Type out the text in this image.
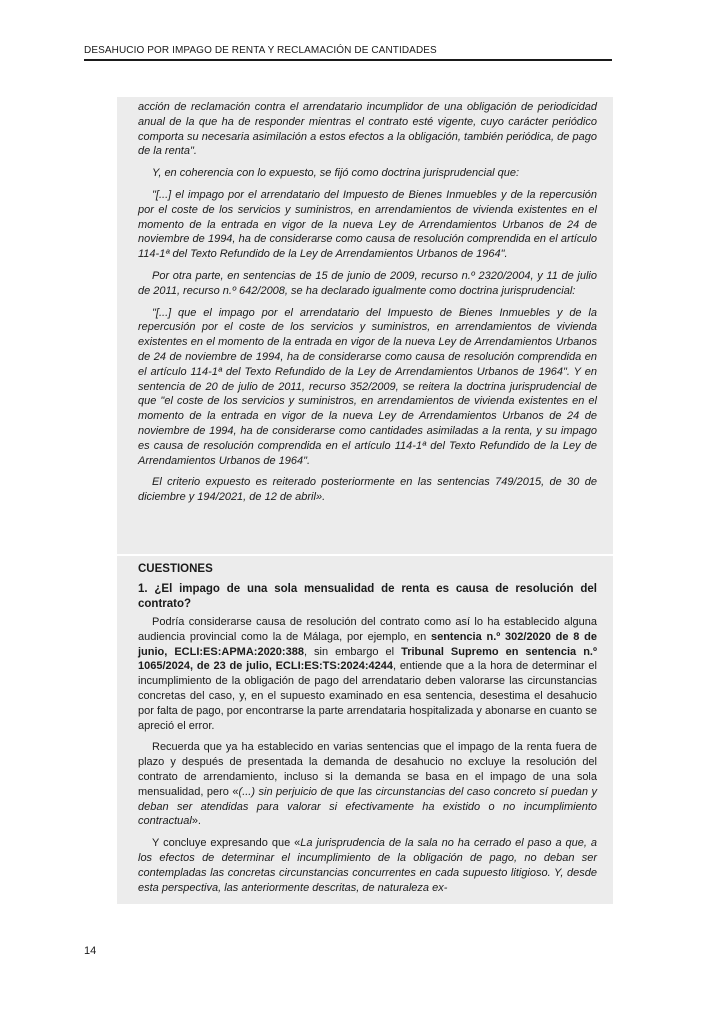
DESAHUCIO POR IMPAGO DE RENTA Y RECLAMACIÓN DE CANTIDADES

acción de reclamación contra el arrendatario incumplidor de una obligación de periodicidad anual de la que ha de responder mientras el contrato esté vigente, cuyo carácter periódico comporta su necesaria asimilación a estos efectos a la obligación, también periódica, de pago de la renta".

Y, en coherencia con lo expuesto, se fijó como doctrina jurisprudencial que:

"[...] el impago por el arrendatario del Impuesto de Bienes Inmuebles y de la repercusión por el coste de los servicios y suministros, en arrendamientos de vivienda existentes en el momento de la entrada en vigor de la nueva Ley de Arrendamientos Urbanos de 24 de noviembre de 1994, ha de considerarse como causa de resolución comprendida en el artículo 114-1ª del Texto Refundido de la Ley de Arrendamientos Urbanos de 1964".

Por otra parte, en sentencias de 15 de junio de 2009, recurso n.º 2320/2004, y 11 de julio de 2011, recurso n.º 642/2008, se ha declarado igualmente como doctrina jurisprudencial:

"[...] que el impago por el arrendatario del Impuesto de Bienes Inmuebles y de la repercusión por el coste de los servicios y suministros, en arrendamientos de vivienda existentes en el momento de la entrada en vigor de la nueva Ley de Arrendamientos Urbanos de 24 de noviembre de 1994, ha de considerarse como causa de resolución comprendida en el artículo 114-1ª del Texto Refundido de la Ley de Arrendamientos Urbanos de 1964". Y en sentencia de 20 de julio de 2011, recurso 352/2009, se reitera la doctrina jurisprudencial de que "el coste de los servicios y suministros, en arrendamientos de vivienda existentes en el momento de la entrada en vigor de la nueva Ley de Arrendamientos Urbanos de 24 de noviembre de 1994, ha de considerarse como cantidades asimiladas a la renta, y su impago es causa de resolución comprendida en el artículo 114-1ª del Texto Refundido de la Ley de Arrendamientos Urbanos de 1964".

El criterio expuesto es reiterado posteriormente en las sentencias 749/2015, de 30 de diciembre y 194/2021, de 12 de abril».

CUESTIONES
1. ¿El impago de una sola mensualidad de renta es causa de resolución del contrato?

Podría considerarse causa de resolución del contrato como así lo ha establecido alguna audiencia provincial como la de Málaga, por ejemplo, en sentencia n.º 302/2020 de 8 de junio, ECLI:ES:APMA:2020:388, sin embargo el Tribunal Supremo en sentencia n.º 1065/2024, de 23 de julio, ECLI:ES:TS:2024:4244, entiende que a la hora de determinar el incumplimiento de la obligación de pago del arrendatario deben valorarse las circunstancias concretas del caso, y, en el supuesto examinado en esa sentencia, desestima el desahucio por falta de pago, por encontrarse la parte arrendataria hospitalizada y abonarse en cuanto se apreció el error.

Recuerda que ya ha establecido en varias sentencias que el impago de la renta fuera de plazo y después de presentada la demanda de desahucio no excluye la resolución del contrato de arrendamiento, incluso si la demanda se basa en el impago de una sola mensualidad, pero «(...) sin perjuicio de que las circunstancias del caso concreto sí puedan y deban ser atendidas para valorar si efectivamente ha existido o no incumplimiento contractual».

Y concluye expresando que «La jurisprudencia de la sala no ha cerrado el paso a que, a los efectos de determinar el incumplimiento de la obligación de pago, no deban ser contempladas las concretas circunstancias concurrentes en cada supuesto litigioso. Y, desde esta perspectiva, las anteriormente descritas, de naturaleza ex-

14
